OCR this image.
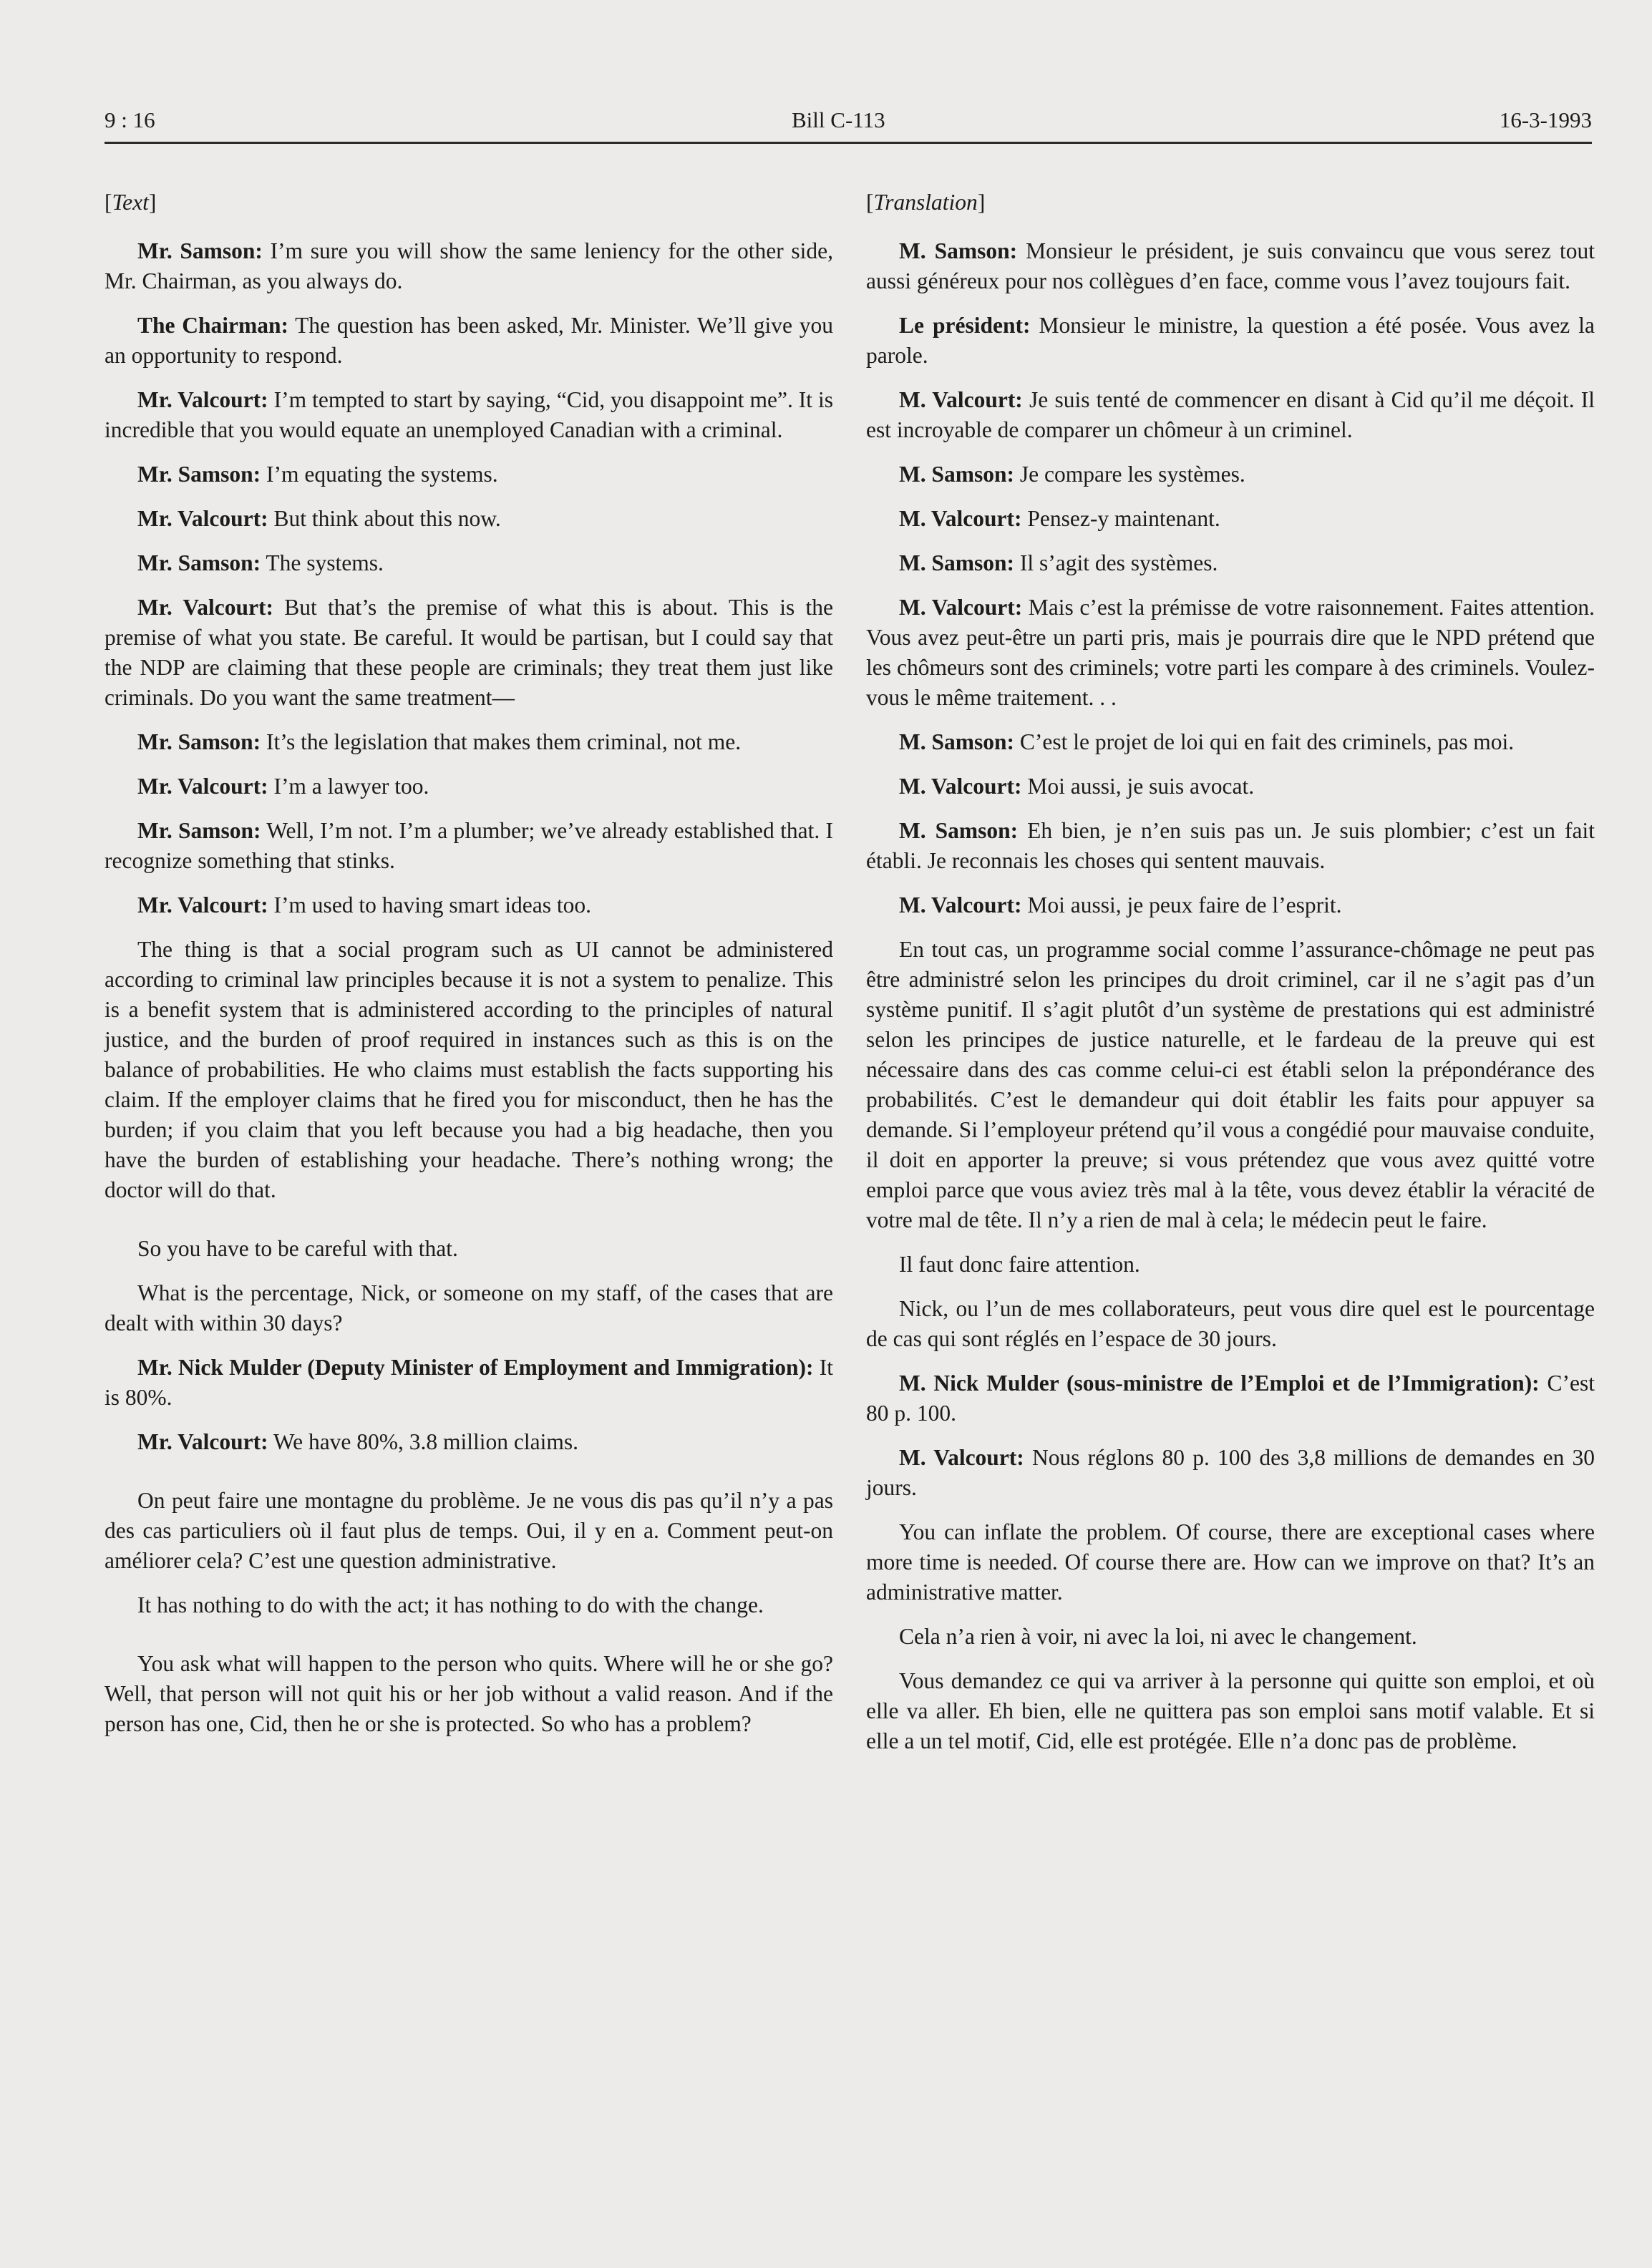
9 : 16	Bill C-113	16-3-1993
[Text]

Mr. Samson: I’m sure you will show the same leniency for the other side, Mr. Chairman, as you always do.

The Chairman: The question has been asked, Mr. Minister. We’ll give you an opportunity to respond.

Mr. Valcourt: I’m tempted to start by saying, “Cid, you disappoint me”. It is incredible that you would equate an unemployed Canadian with a criminal.

Mr. Samson: I’m equating the systems.

Mr. Valcourt: But think about this now.

Mr. Samson: The systems.

Mr. Valcourt: But that’s the premise of what this is about. This is the premise of what you state. Be careful. It would be partisan, but I could say that the NDP are claiming that these people are criminals; they treat them just like criminals. Do you want the same treatment—

Mr. Samson: It’s the legislation that makes them criminal, not me.

Mr. Valcourt: I’m a lawyer too.

Mr. Samson: Well, I’m not. I’m a plumber; we’ve already established that. I recognize something that stinks.

Mr. Valcourt: I’m used to having smart ideas too.

The thing is that a social program such as UI cannot be administered according to criminal law principles because it is not a system to penalize. This is a benefit system that is administered according to the principles of natural justice, and the burden of proof required in instances such as this is on the balance of probabilities. He who claims must establish the facts supporting his claim. If the employer claims that he fired you for misconduct, then he has the burden; if you claim that you left because you had a big headache, then you have the burden of establishing your headache. There’s nothing wrong; the doctor will do that.

So you have to be careful with that.

What is the percentage, Nick, or someone on my staff, of the cases that are dealt with within 30 days?

Mr. Nick Mulder (Deputy Minister of Employment and Immigration): It is 80%.

Mr. Valcourt: We have 80%, 3.8 million claims.

On peut faire une montagne du problème. Je ne vous dis pas qu’il n’y a pas des cas particuliers où il faut plus de temps. Oui, il y en a. Comment peut-on améliorer cela? C’est une question administrative.

It has nothing to do with the act; it has nothing to do with the change.

You ask what will happen to the person who quits. Where will he or she go? Well, that person will not quit his or her job without a valid reason. And if the person has one, Cid, then he or she is protected. So who has a problem?

[Translation]

M. Samson: Monsieur le président, je suis convaincu que vous serez tout aussi généreux pour nos collègues d’en face, comme vous l’avez toujours fait.

Le président: Monsieur le ministre, la question a été posée. Vous avez la parole.

M. Valcourt: Je suis tenté de commencer en disant à Cid qu’il me déçoit. Il est incroyable de comparer un chômeur à un criminel.

M. Samson: Je compare les systèmes.

M. Valcourt: Pensez-y maintenant.

M. Samson: Il s’agit des systèmes.

M. Valcourt: Mais c’est la prémisse de votre raisonnement. Faites attention. Vous avez peut-être un parti pris, mais je pourrais dire que le NPD prétend que les chômeurs sont des criminels; votre parti les compare à des criminels. Voulez-vous le même traitement. . .

M. Samson: C’est le projet de loi qui en fait des criminels, pas moi.

M. Valcourt: Moi aussi, je suis avocat.

M. Samson: Eh bien, je n’en suis pas un. Je suis plombier; c’est un fait établi. Je reconnais les choses qui sentent mauvais.

M. Valcourt: Moi aussi, je peux faire de l’esprit.

En tout cas, un programme social comme l’assurance-chômage ne peut pas être administré selon les principes du droit criminel, car il ne s’agit pas d’un système punitif. Il s’agit plutôt d’un système de prestations qui est administré selon les principes de justice naturelle, et le fardeau de la preuve qui est nécessaire dans des cas comme celui-ci est établi selon la prépondérance des probabilités. C’est le demandeur qui doit établir les faits pour appuyer sa demande. Si l’employeur prétend qu’il vous a congédié pour mauvaise conduite, il doit en apporter la preuve; si vous prétendez que vous avez quitté votre emploi parce que vous aviez très mal à la tête, vous devez établir la véracité de votre mal de tête. Il n’y a rien de mal à cela; le médecin peut le faire.

Il faut donc faire attention.

Nick, ou l’un de mes collaborateurs, peut vous dire quel est le pourcentage de cas qui sont réglés en l’espace de 30 jours.

M. Nick Mulder (sous-ministre de l’Emploi et de l’Immigration): C’est 80 p. 100.

M. Valcourt: Nous réglons 80 p. 100 des 3,8 millions de demandes en 30 jours.

You can inflate the problem. Of course, there are exceptional cases where more time is needed. Of course there are. How can we improve on that? It’s an administrative matter.

Cela n’a rien à voir, ni avec la loi, ni avec le changement.

Vous demandez ce qui va arriver à la personne qui quitte son emploi, et où elle va aller. Eh bien, elle ne quittera pas son emploi sans motif valable. Et si elle a un tel motif, Cid, elle est protégée. Elle n’a donc pas de problème.
